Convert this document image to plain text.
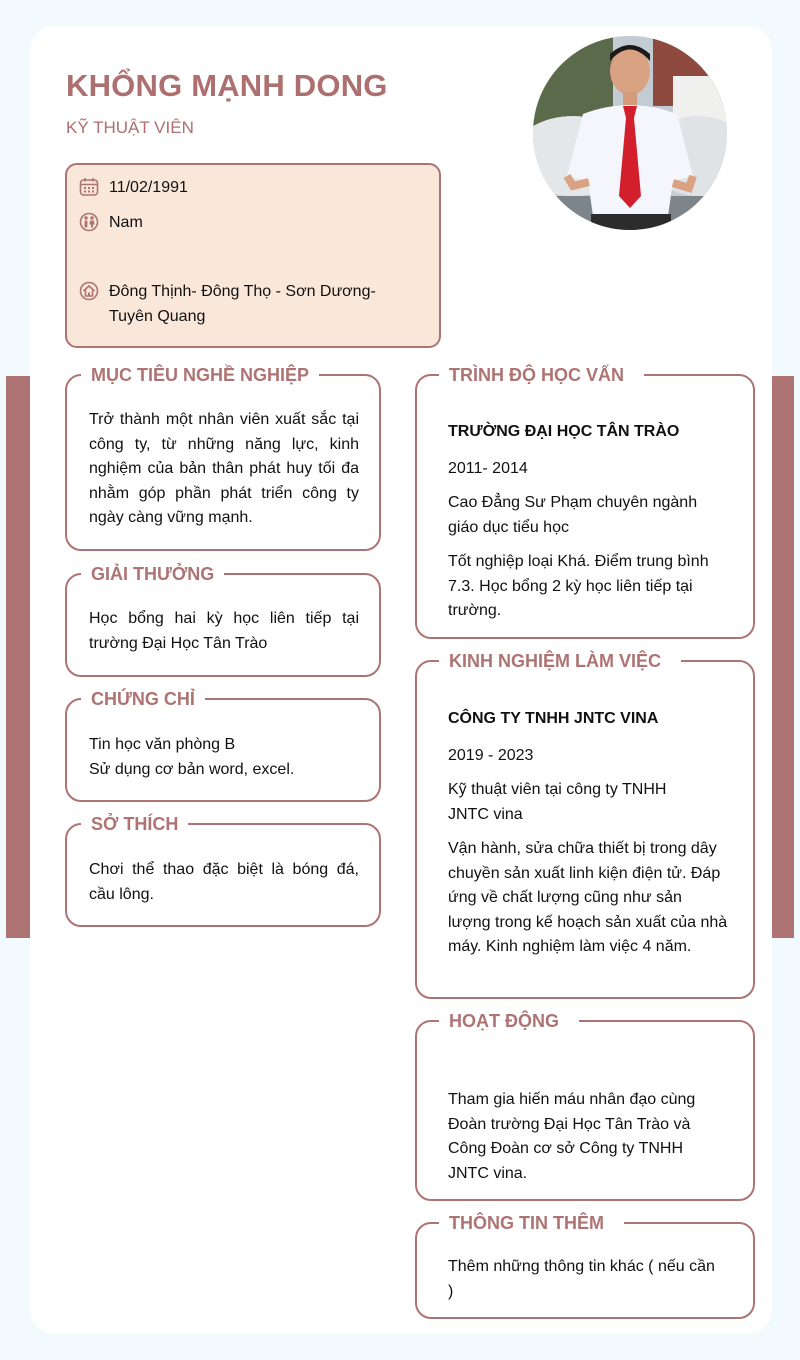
KHỔNG MẠNH DONG
KỸ THUẬT VIÊN
11/02/1991
Nam
Đông Thịnh- Đông Thọ - Sơn Dương- Tuyên Quang
MỤC TIÊU NGHỀ NGHIỆP
Trở thành một nhân viên xuất sắc tại công ty, từ những năng lực, kinh nghiệm của bản thân phát huy tối đa nhằm góp phần phát triển công ty ngày càng vững mạnh.
GIẢI THƯỞNG
Học bổng hai kỳ học liên tiếp tại trường Đại Học Tân Trào
CHỨNG CHỈ
Tin học văn phòng B
Sử dụng cơ bản word, excel.
SỞ THÍCH
Chơi thể thao đặc biệt là bóng đá, cầu lông.
TRÌNH ĐỘ HỌC VẤN
TRƯỜNG ĐẠI HỌC TÂN TRÀO
2011- 2014
Cao Đẳng Sư Phạm chuyên ngành giáo dục tiểu học
Tốt nghiệp loại Khá. Điểm trung bình 7.3. Học bổng 2 kỳ học liên tiếp tại trường.
KINH NGHIỆM LÀM VIỆC
CÔNG TY TNHH JNTC VINA
2019 - 2023
Kỹ thuật viên tại công ty TNHH JNTC vina
Vận hành, sửa chữa thiết bị trong dây chuyền sản xuất linh kiện điện tử. Đáp ứng về chất lượng cũng như sản lượng trong kế hoạch sản xuất của nhà máy. Kinh nghiệm làm việc 4 năm.
HOẠT ĐỘNG
Tham gia hiến máu nhân đạo cùng Đoàn trường Đại Học Tân Trào và Công Đoàn cơ sở Công ty TNHH JNTC vina.
THÔNG TIN THÊM
Thêm những thông tin khác ( nếu cần )
